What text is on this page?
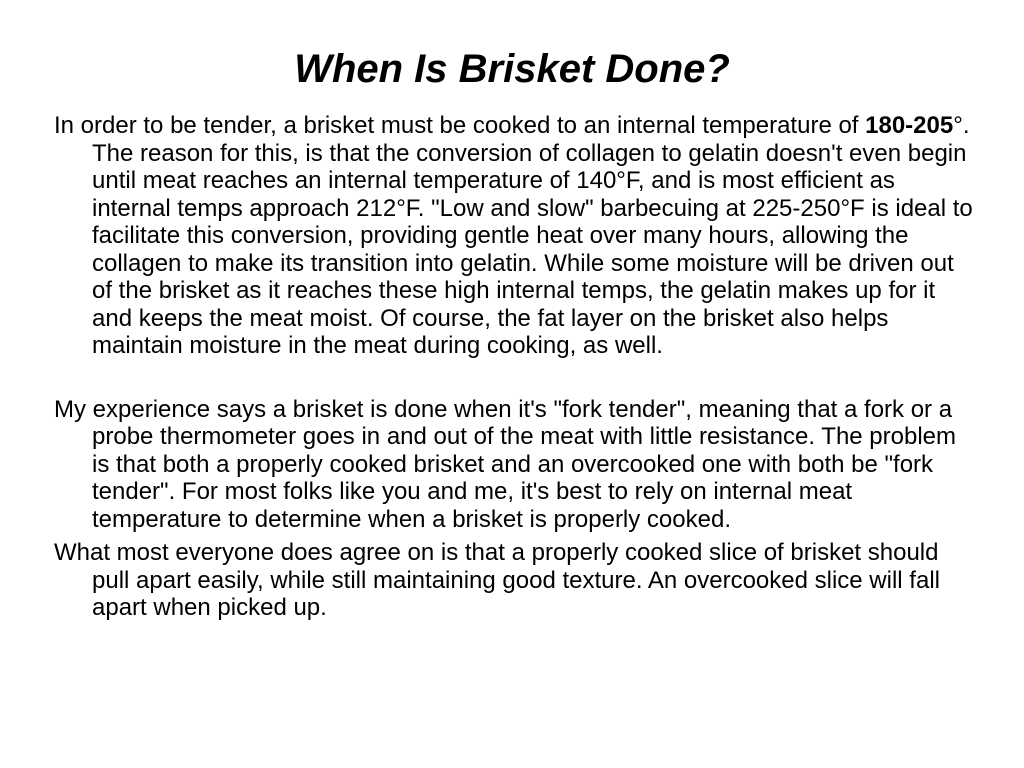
When Is Brisket Done?

In order to be tender, a brisket must be cooked to an internal temperature of 180-205°. The reason for this, is that the conversion of collagen to gelatin doesn't even begin until meat reaches an internal temperature of 140°F, and is most efficient as internal temps approach 212°F. "Low and slow" barbecuing at 225-250°F is ideal to facilitate this conversion, providing gentle heat over many hours, allowing the collagen to make its transition into gelatin. While some moisture will be driven out of the brisket as it reaches these high internal temps, the gelatin makes up for it and keeps the meat moist. Of course, the fat layer on the brisket also helps maintain moisture in the meat during cooking, as well.

My experience says a brisket is done when it's "fork tender", meaning that a fork or a probe thermometer goes in and out of the meat with little resistance. The problem is that both a properly cooked brisket and an overcooked one with both be "fork tender". For most folks like you and me, it's best to rely on internal meat temperature to determine when a brisket is properly cooked.

What most everyone does agree on is that a properly cooked slice of brisket should pull apart easily, while still maintaining good texture. An overcooked slice will fall apart when picked up.
